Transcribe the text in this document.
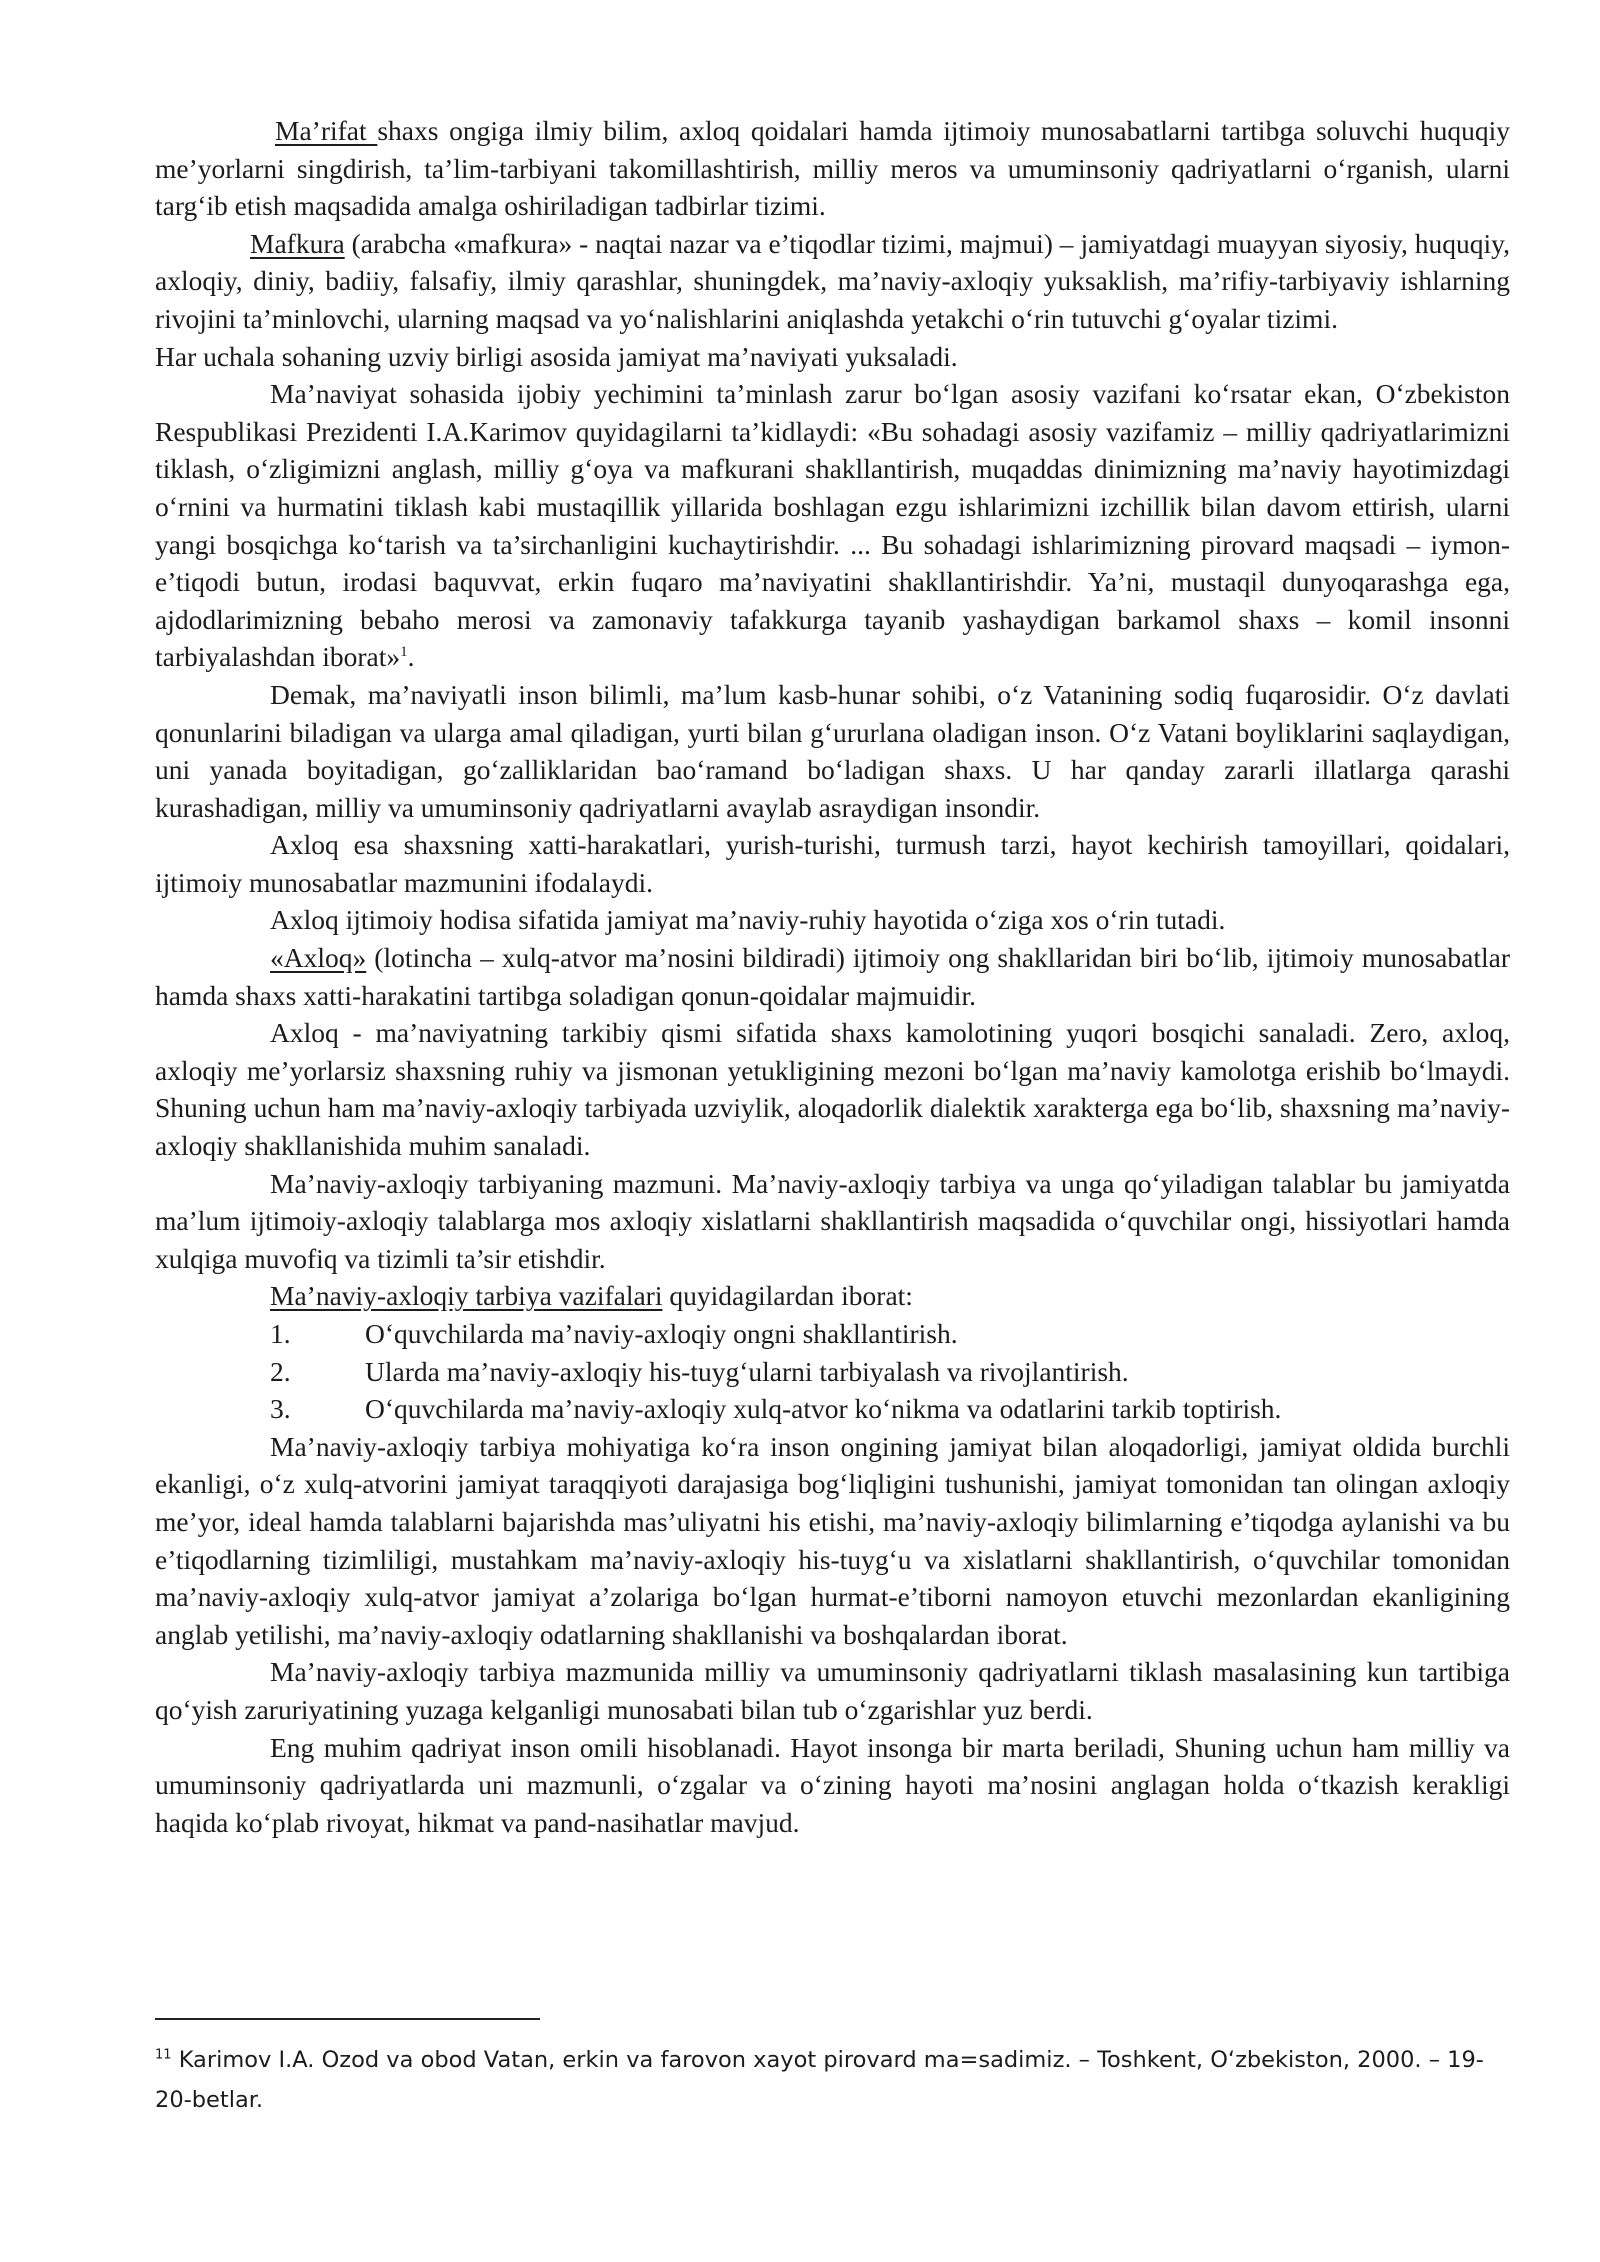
Ma’rifat shaxs ongiga ilmiy bilim, axloq qoidalari hamda ijtimoiy munosabatlarni tartibga soluvchi huquqiy me’yorlarni singdirish, ta’lim-tarbiyani takomillashtirish, milliy meros va umuminsoniy qadriyatlarni o‘rganish, ularni targ‘ib etish maqsadida amalga oshiriladigan tadbirlar tizimi.

Mafkura (arabcha «mafkura» - naqtai nazar va e’tiqodlar tizimi, majmui) – jamiyatdagi muayyan siyosiy, huquqiy, axloqiy, diniy, badiiy, falsafiy, ilmiy qarashlar, shuningdek, ma’naviy-axloqiy yuksaklish, ma’rifiy-tarbiyaviy ishlarning rivojini ta’minlovchi, ularning maqsad va yo‘nalishlarini aniqlashda yetakchi o‘rin tutuvchi g‘oyalar tizimi.

Har uchala sohaning uzviy birligi asosida jamiyat ma’naviyati yuksaladi.

Ma’naviyat sohasida ijobiy yechimini ta’minlash zarur bo‘lgan asosiy vazifani ko‘rsatar ekan, O‘zbekiston Respublikasi Prezidenti I.A.Karimov quyidagilarni ta’kidlaydi: «Bu sohadagi asosiy vazifamiz – milliy qadriyatlarimizni tiklash, o‘zligimizni anglash, milliy g‘oya va mafkurani shakllantirish, muqaddas dinimizning ma’naviy hayotimizdagi o‘rnini va hurmatini tiklash kabi mustaqillik yillarida boshlagan ezgu ishlarimizni izchillik bilan davom ettirish, ularni yangi bosqichga ko‘tarish va ta’sirchanligini kuchaytirishdir. ... Bu sohadagi ishlarimizning pirovard maqsadi – iymon-e’tiqodi butun, irodasi baquvvat, erkin fuqaro ma’naviyatini shakllantirishdir. Ya’ni, mustaqil dunyoqarashga ega, ajdodlarimizning bebaho merosi va zamonaviy tafakkurga tayanib yashaydigan barkamol shaxs – komil insonni tarbiyalashdan iborat»$^1$.

Demak, ma’naviyatli inson bilimli, ma’lum kasb-hunar sohibi, o‘z Vatanining sodiq fuqarosidir. O‘z davlati qonunlarini biladigan va ularga amal qiladigan, yurti bilan g‘ururlana oladigan inson. O‘z Vatani boyliklarini saqlaydigan, uni yanada boyitadigan, go‘zalliklaridan bao‘ramand bo‘ladigan shaxs. U har qanday zararli illatlarga qarashi kurashadigan, milliy va umuminsoniy qadriyatlarni avaylab asraydigan insondir.

Axloq esa shaxsning xatti-harakatlari, yurish-turishi, turmush tarzi, hayot kechirish tamoyillari, qoidalari, ijtimoiy munosabatlar mazmunini ifodalaydi.

Axloq ijtimoiy hodisa sifatida jamiyat ma’naviy-ruhiy hayotida o‘ziga xos o‘rin tutadi.

«Axloq» (lotincha – xulq-atvor ma’nosini bildiradi) ijtimoiy ong shakllaridan biri bo‘lib, ijtimoiy munosabatlar hamda shaxs xatti-harakatini tartibga soladigan qonun-qoidalar majmuidir.

Axloq - ma’naviyatning tarkibiy qismi sifatida shaxs kamolotining yuqori bosqichi sanaladi. Zero, axloq, axloqiy me’yorlarsiz shaxsning ruhiy va jismonan yetukligining mezoni bo‘lgan ma’naviy kamolotga erishib bo‘lmaydi. Shuning uchun ham ma’naviy-axloqiy tarbiyada uzviylik, aloqadorlik dialektik xarakterga ega bo‘lib, shaxsning ma’naviy-axloqiy shakllanishida muhim sanaladi.

Ma’naviy-axloqiy tarbiyaning mazmuni. Ma’naviy-axloqiy tarbiya va unga qo‘yiladigan talablar bu jamiyatda ma’lum ijtimoiy-axloqiy talablarga mos axloqiy xislatlarni shakllantirish maqsadida o‘quvchilar ongi, hissiyotlari hamda xulqiga muvofiq va tizimli ta’sir etishdir.

Ma’naviy-axloqiy tarbiya vazifalari quyidagilardan iborat:

1.	O‘quvchilarda ma’naviy-axloqiy ongni shakllantirish.
2.	Ularda ma’naviy-axloqiy his-tuyg‘ularni tarbiyalash va rivojlantirish.
3.	O‘quvchilarda ma’naviy-axloqiy xulq-atvor ko‘nikma va odatlarini tarkib toptirish.

Ma’naviy-axloqiy tarbiya mohiyatiga ko‘ra inson ongining jamiyat bilan aloqadorligi, jamiyat oldida burchli ekanligi, o‘z xulq-atvorini jamiyat taraqqiyoti darajasiga bog‘liqligini tushunishi, jamiyat tomonidan tan olingan axloqiy me’yor, ideal hamda talablarni bajarishda mas’uliyatni his etishi, ma’naviy-axloqiy bilimlarning e’tiqodga aylanishi va bu e’tiqodlarning tizimliligi, mustahkam ma’naviy-axloqiy his-tuyg‘u va xislatlarni shakllantirish, o‘quvchilar tomonidan ma’naviy-axloqiy xulq-atvor jamiyat a’zolariga bo‘lgan hurmat-e’tiborni namoyon etuvchi mezonlardan ekanligining anglab yetilishi, ma’naviy-axloqiy odatlarning shakllanishi va boshqalardan iborat.

Ma’naviy-axloqiy tarbiya mazmunida milliy va umuminsoniy qadriyatlarni tiklash masalasining kun tartibiga qo‘yish zaruriyatining yuzaga kelganligi munosabati bilan tub o‘zgarishlar yuz berdi.

Eng muhim qadriyat inson omili hisoblanadi. Hayot insonga bir marta beriladi, Shuning uchun ham milliy va umuminsoniy qadriyatlarda uni mazmunli, o‘zgalar va o‘zining hayoti ma’nosini anglagan holda o‘tkazish kerakligi haqida ko‘plab rivoyat, hikmat va pand-nasihatlar mavjud.

$^{11}$ Karimov I.A. Ozod va obod Vatan, erkin va farovon xayot pirovard ma=sadimiz. – Toshkent, O‘zbekiston, 2000. – 19-20-betlar.
